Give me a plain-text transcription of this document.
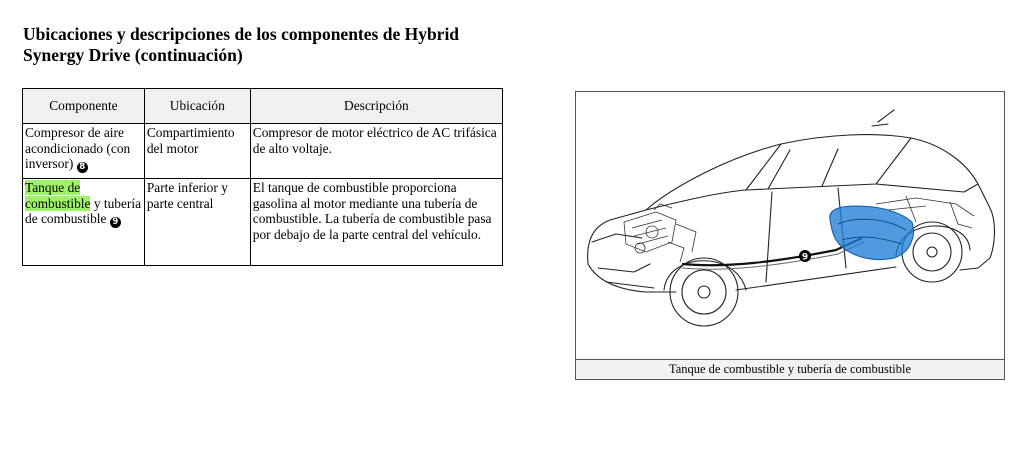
Ubicaciones y descripciones de los componentes de Hybrid
Synergy Drive (continuación)
Componente	Ubicación	Descripción
Compresor de aire acondicionado (con inversor) 8	Compartimiento del motor	Compresor de motor eléctrico de AC trifásica de alto voltaje.
Tanque de combustible y tubería de combustible 9	Parte inferior y parte central	El tanque de combustible proporciona gasolina al motor mediante una tubería de combustible. La tubería de combustible pasa por debajo de la parte central del vehículo.
9
Tanque de combustible y tubería de combustible
